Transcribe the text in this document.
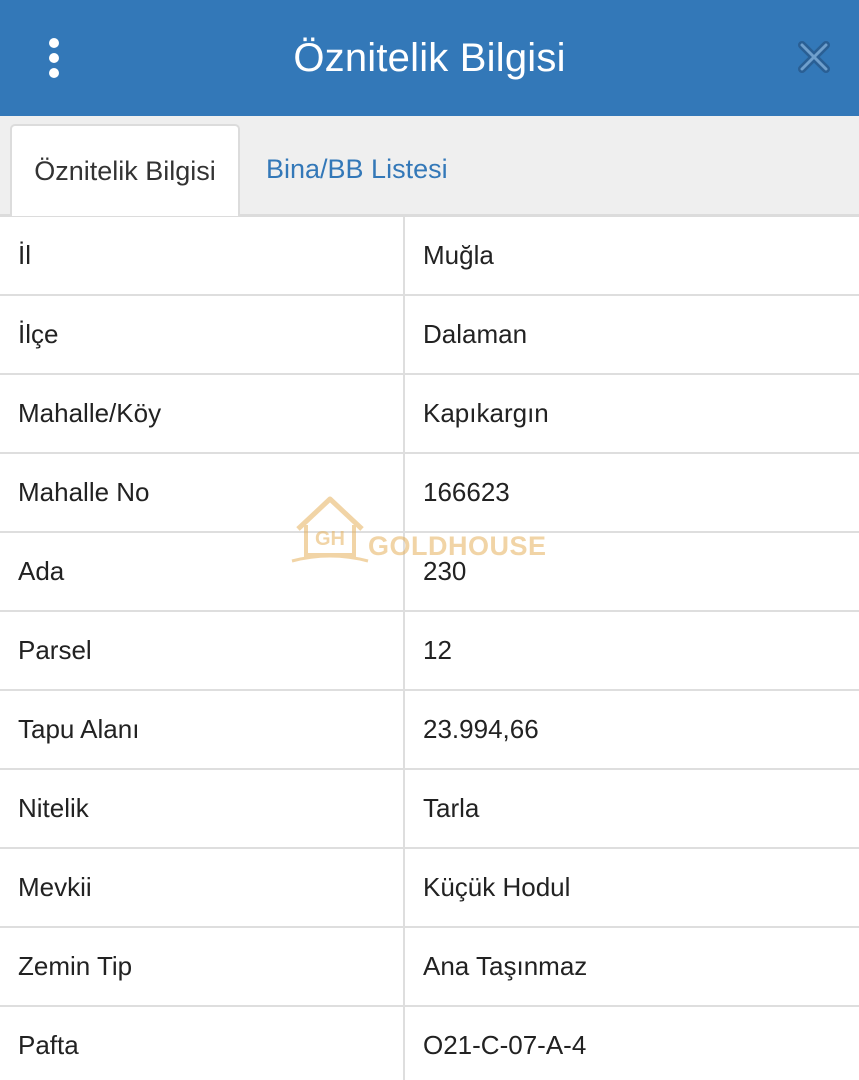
Öznitelik Bilgisi
Öznitelik Bilgisi Bina/BB Listesi
İl	Muğla
İlçe	Dalaman
Mahalle/Köy	Kapıkargın
Mahalle No	166623
Ada	230
Parsel	12
Tapu Alanı	23.994,66
Nitelik	Tarla
Mevkii	Küçük Hodul
Zemin Tip	Ana Taşınmaz
Pafta	O21-C-07-A-4
GH GOLDHOUSE
